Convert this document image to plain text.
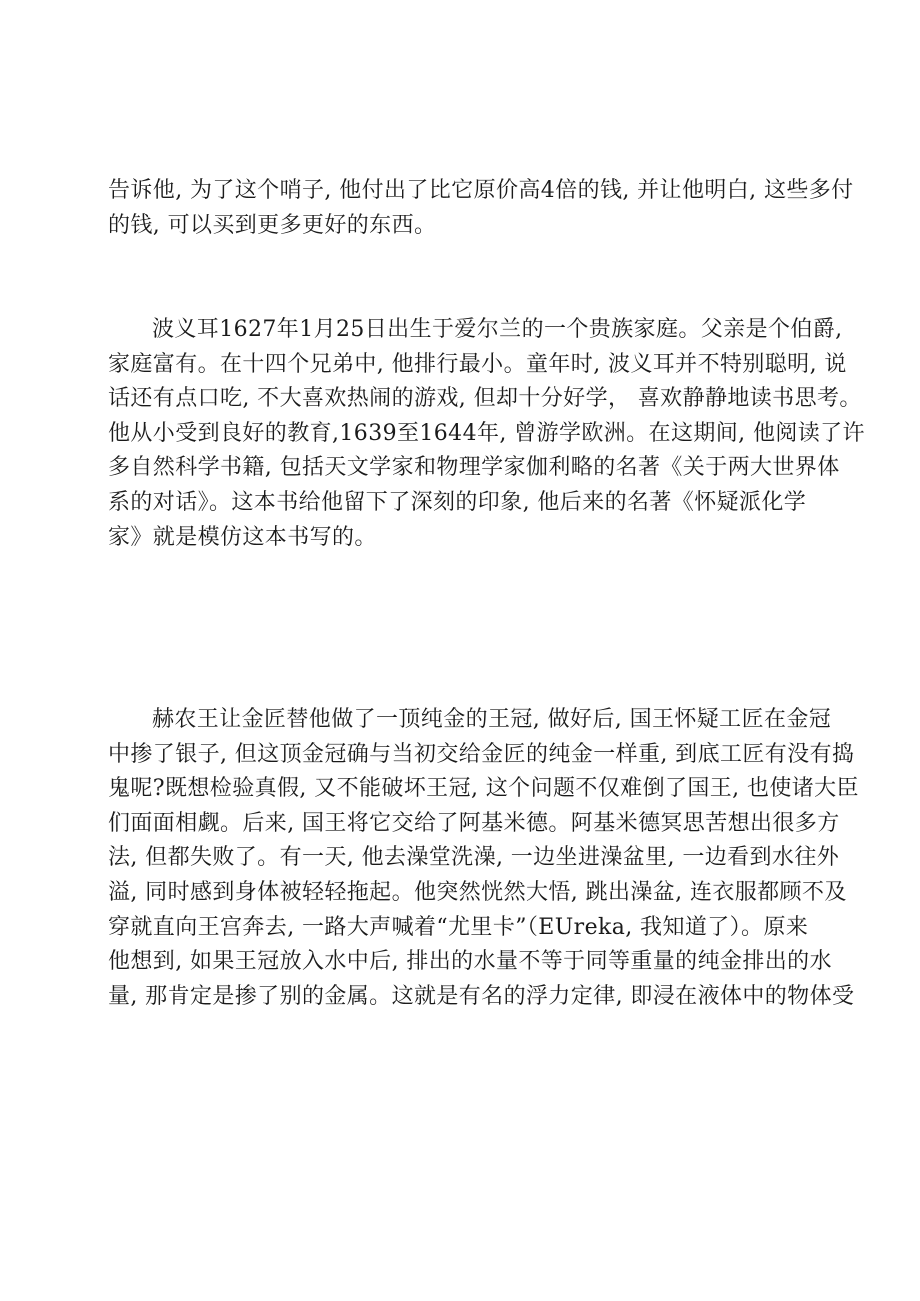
告诉他, 为了这个哨子, 他付出了比它原价高4倍的钱, 并让他明白, 这些多付
的钱, 可以买到更多更好的东西。
波义耳1627年1月25日出生于爱尔兰的一个贵族家庭。父亲是个伯爵,
家庭富有。在十四个兄弟中, 他排行最小。童年时, 波义耳并不特别聪明, 说
话还有点口吃, 不大喜欢热闹的游戏, 但却十分好学， 喜欢静静地读书思考。
他从小受到良好的教育,1639至1644年, 曾游学欧洲。在这期间, 他阅读了许
多自然科学书籍, 包括天文学家和物理学家伽利略的名著《关于两大世界体
系的对话》。这本书给他留下了深刻的印象, 他后来的名著《怀疑派化学
家》就是模仿这本书写的。
赫农王让金匠替他做了一顶纯金的王冠, 做好后, 国王怀疑工匠在金冠
中掺了银子, 但这顶金冠确与当初交给金匠的纯金一样重, 到底工匠有没有捣
鬼呢?既想检验真假, 又不能破坏王冠, 这个问题不仅难倒了国王, 也使诸大臣
们面面相觑。后来, 国王将它交给了阿基米德。阿基米德冥思苦想出很多方
法, 但都失败了。有一天, 他去澡堂洗澡, 一边坐进澡盆里, 一边看到水往外
溢, 同时感到身体被轻轻拖起。他突然恍然大悟, 跳出澡盆, 连衣服都顾不及
穿就直向王宫奔去, 一路大声喊着“尤里卡”（EUreka, 我知道了）。原来
他想到, 如果王冠放入水中后, 排出的水量不等于同等重量的纯金排出的水
量, 那肯定是掺了别的金属。这就是有名的浮力定律, 即浸在液体中的物体受
